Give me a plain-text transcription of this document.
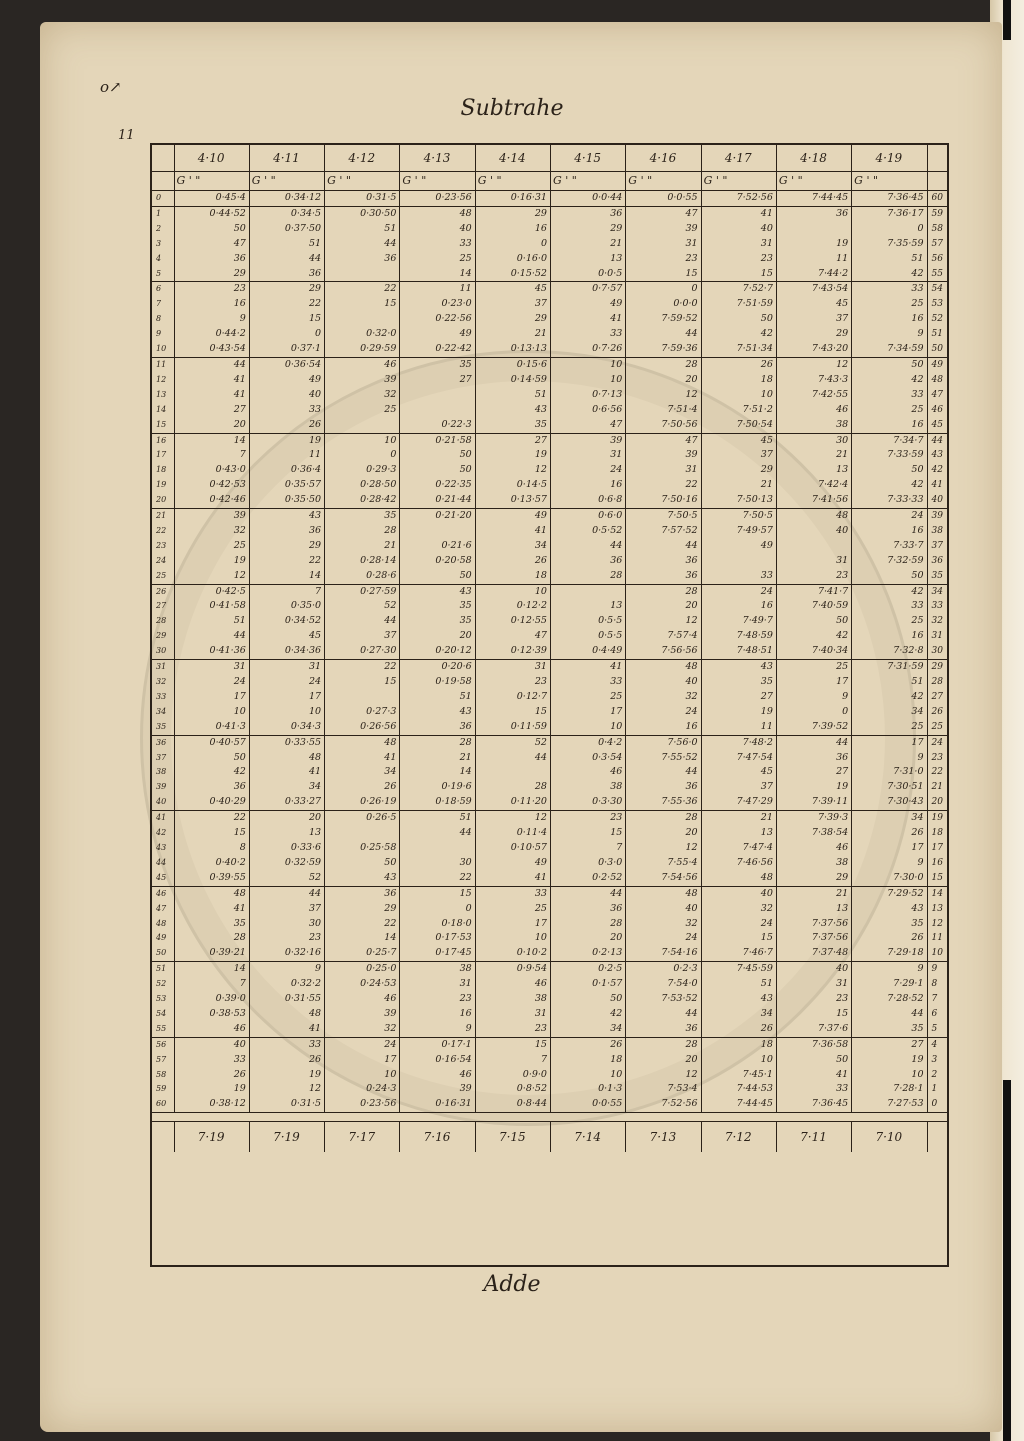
o↗
11
Subtrahe
	4·10	4·11	4·12	4·13	4·14	4·15	4·16	4·17	4·18	4·19	
	G ' "	G ' "	G ' "	G ' "	G ' "	G ' "	G ' "	G ' "	G ' "	G ' "	
0	0·45·4	0·34·12	0·31·5	0·23·56	0·16·31	0·0·44	0·0·55	7·52·56	7·44·45	7·36·45	60
1	0·44·52	0·34·5	0·30·50	48	29	36	47	41	36	7·36·17	59
2	50	0·37·50	51	40	16	29	39	40		0	58
3	47	51	44	33	0	21	31	31	19	7·35·59	57
4	36	44	36	25	0·16·0	13	23	23	11	51	56
5	29	36		14	0·15·52	0·0·5	15	15	7·44·2	42	55
6	23	29	22	11	45	0·7·57	0	7·52·7	7·43·54	33	54
7	16	22	15	0·23·0	37	49	0·0·0	7·51·59	45	25	53
8	9	15		0·22·56	29	41	7·59·52	50	37	16	52
9	0·44·2	0	0·32·0	49	21	33	44	42	29	9	51
10	0·43·54	0·37·1	0·29·59	0·22·42	0·13·13	0·7·26	7·59·36	7·51·34	7·43·20	7·34·59	50
11	44	0·36·54	46	35	0·15·6	10	28	26	12	50	49
12	41	49	39	27	0·14·59	10	20	18	7·43·3	42	48
13	41	40	32		51	0·7·13	12	10	7·42·55	33	47
14	27	33	25		43	0·6·56	7·51·4	7·51·2	46	25	46
15	20	26		0·22·3	35	47	7·50·56	7·50·54	38	16	45
16	14	19	10	0·21·58	27	39	47	45	30	7·34·7	44
17	7	11	0	50	19	31	39	37	21	7·33·59	43
18	0·43·0	0·36·4	0·29·3	50	12	24	31	29	13	50	42
19	0·42·53	0·35·57	0·28·50	0·22·35	0·14·5	16	22	21	7·42·4	42	41
20	0·42·46	0·35·50	0·28·42	0·21·44	0·13·57	0·6·8	7·50·16	7·50·13	7·41·56	7·33·33	40
21	39	43	35	0·21·20	49	0·6·0	7·50·5	7·50·5	48	24	39
22	32	36	28		41	0·5·52	7·57·52	7·49·57	40	16	38
23	25	29	21	0·21·6	34	44	44	49		7·33·7	37
24	19	22	0·28·14	0·20·58	26	36	36		31	7·32·59	36
25	12	14	0·28·6	50	18	28	36	33	23	50	35
26	0·42·5	7	0·27·59	43	10		28	24	7·41·7	42	34
27	0·41·58	0·35·0	52	35	0·12·2	13	20	16	7·40·59	33	33
28	51	0·34·52	44	35	0·12·55	0·5·5	12	7·49·7	50	25	32
29	44	45	37	20	47	0·5·5	7·57·4	7·48·59	42	16	31
30	0·41·36	0·34·36	0·27·30	0·20·12	0·12·39	0·4·49	7·56·56	7·48·51	7·40·34	7·32·8	30
31	31	31	22	0·20·6	31	41	48	43	25	7·31·59	29
32	24	24	15	0·19·58	23	33	40	35	17	51	28
33	17	17		51	0·12·7	25	32	27	9	42	27
34	10	10	0·27·3	43	15	17	24	19	0	34	26
35	0·41·3	0·34·3	0·26·56	36	0·11·59	10	16	11	7·39·52	25	25
36	0·40·57	0·33·55	48	28	52	0·4·2	7·56·0	7·48·2	44	17	24
37	50	48	41	21	44	0·3·54	7·55·52	7·47·54	36	9	23
38	42	41	34	14		46	44	45	27	7·31·0	22
39	36	34	26	0·19·6	28	38	36	37	19	7·30·51	21
40	0·40·29	0·33·27	0·26·19	0·18·59	0·11·20	0·3·30	7·55·36	7·47·29	7·39·11	7·30·43	20
41	22	20	0·26·5	51	12	23	28	21	7·39·3	34	19
42	15	13		44	0·11·4	15	20	13	7·38·54	26	18
43	8	0·33·6	0·25·58		0·10·57	7	12	7·47·4	46	17	17
44	0·40·2	0·32·59	50	30	49	0·3·0	7·55·4	7·46·56	38	9	16
45	0·39·55	52	43	22	41	0·2·52	7·54·56	48	29	7·30·0	15
46	48	44	36	15	33	44	48	40	21	7·29·52	14
47	41	37	29	0	25	36	40	32	13	43	13
48	35	30	22	0·18·0	17	28	32	24	7·37·56	35	12
49	28	23	14	0·17·53	10	20	24	15	7·37·56	26	11
50	0·39·21	0·32·16	0·25·7	0·17·45	0·10·2	0·2·13	7·54·16	7·46·7	7·37·48	7·29·18	10
51	14	9	0·25·0	38	0·9·54	0·2·5	0·2·3	7·45·59	40	9	9
52	7	0·32·2	0·24·53	31	46	0·1·57	7·54·0	51	31	7·29·1	8
53	0·39·0	0·31·55	46	23	38	50	7·53·52	43	23	7·28·52	7
54	0·38·53	48	39	16	31	42	44	34	15	44	6
55	46	41	32	9	23	34	36	26	7·37·6	35	5
56	40	33	24	0·17·1	15	26	28	18	7·36·58	27	4
57	33	26	17	0·16·54	7	18	20	10	50	19	3
58	26	19	10	46	0·9·0	10	12	7·45·1	41	10	2
59	19	12	0·24·3	39	0·8·52	0·1·3	7·53·4	7·44·53	33	7·28·1	1
60	0·38·12	0·31·5	0·23·56	0·16·31	0·8·44	0·0·55	7·52·56	7·44·45	7·36·45	7·27·53	0

	7·19	7·19	7·17	7·16	7·15	7·14	7·13	7·12	7·11	7·10	
Adde
